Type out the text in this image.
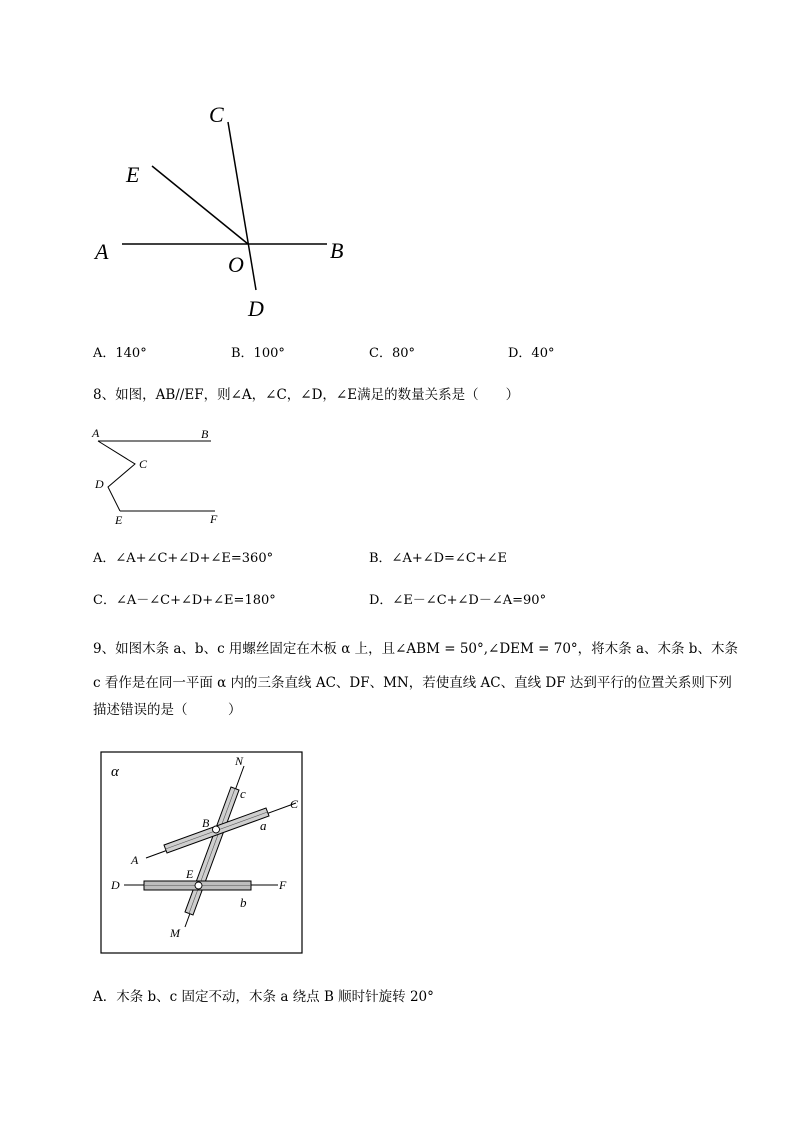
C
E
A
O
B
D
A．140°	B．100°	C．80°	D．40°
8、如图，AB//EF，则∠A，∠C，∠D，∠E满足的数量关系是（　　）
A	B
C
D
E	F
A．∠A+∠C+∠D+∠E=360°	B．∠A+∠D=∠C+∠E
C．∠A－∠C+∠D+∠E=180°	D．∠E－∠C+∠D－∠A=90°
9、如图木条 a、b、c 用螺丝固定在木板 α 上，且∠ABM = 50°,∠DEM = 70°，将木条 a、木条 b、木条
c 看作是在同一平面 α 内的三条直线 AC、DF、MN，若使直线 AC、直线 DF 达到平行的位置关系则下列
描述错误的是（　　　）
α
N
c
C
B	a
A
E
D	F
b
M
A．木条 b、c 固定不动，木条 a 绕点 B 顺时针旋转 20°
